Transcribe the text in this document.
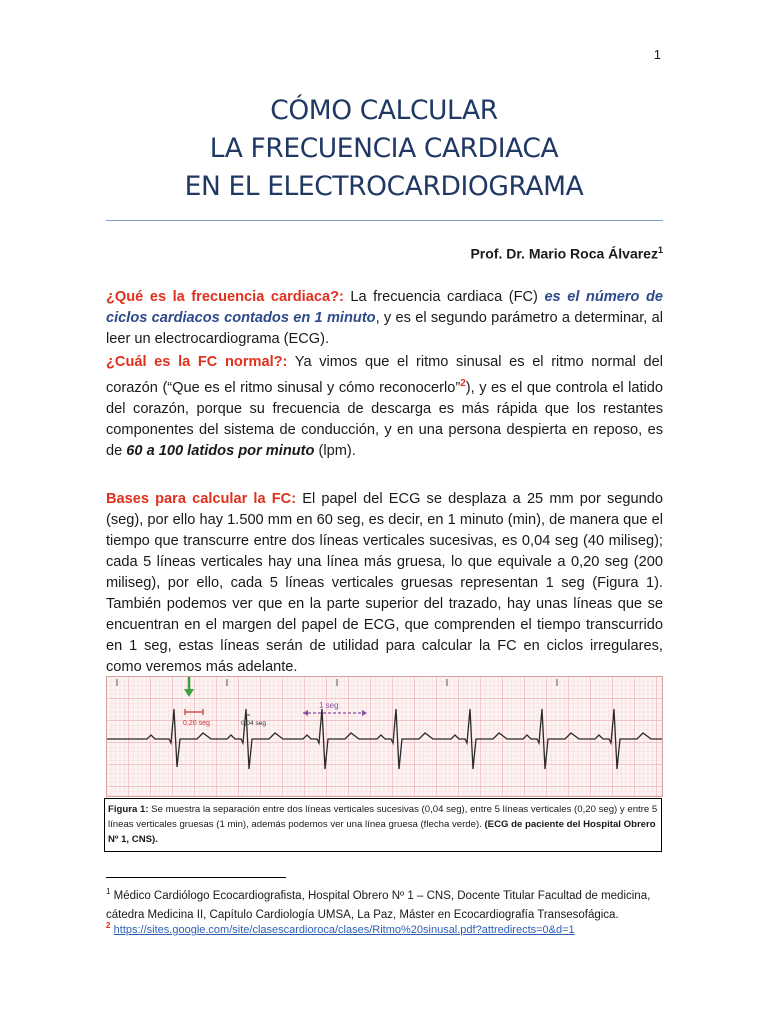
1
CÓMO CALCULAR
LA FRECUENCIA CARDIACA
EN EL ELECTROCARDIOGRAMA
Prof. Dr. Mario Roca Álvarez$^1$
¿Qué es la frecuencia cardiaca?: La frecuencia cardiaca (FC) es el número de ciclos cardiacos contados en 1 minuto, y es el segundo parámetro a determinar, al leer un electrocardiograma (ECG).
¿Cuál es la FC normal?: Ya vimos que el ritmo sinusal es el ritmo normal del corazón (“Que es el ritmo sinusal y cómo reconocerlo”$^2$), y es el que controla el latido del corazón, porque su frecuencia de descarga es más rápida que los restantes componentes del sistema de conducción, y en una persona despierta en reposo, es de 60 a 100 latidos por minuto (lpm).
Bases para calcular la FC: El papel del ECG se desplaza a 25 mm por segundo (seg), por ello hay 1.500 mm en 60 seg, es decir, en 1 minuto (min), de manera que el tiempo que transcurre entre dos líneas verticales sucesivas, es 0,04 seg (40 miliseg); cada 5 líneas verticales hay una línea más gruesa, lo que equivale a 0,20 seg (200 miliseg), por ello, cada 5 líneas verticales gruesas representan 1 seg (Figura 1). También podemos ver que en la parte superior del trazado, hay unas líneas que se encuentran en el margen del papel de ECG, que comprenden el tiempo transcurrido en 1 seg, estas líneas serán de utilidad para calcular la FC en ciclos irregulares, como veremos más adelante.
0,20 seg	0,04 seg
1 seg
Figura 1: Se muestra la separación entre dos líneas verticales sucesivas (0,04 seg), entre 5 líneas verticales (0,20 seg) y entre 5 líneas verticales gruesas (1 min), además podemos ver una línea gruesa (flecha verde). (ECG de paciente del Hospital Obrero Nº 1, CNS).
$^1$ Médico Cardiólogo Ecocardiografista, Hospital Obrero Nº 1 – CNS, Docente Titular Facultad de medicina, cátedra Medicina II, Capítulo Cardiología UMSA, La Paz, Máster en Ecocardiografía Transesofágica.
$^2$ https://sites.google.com/site/clasescardioroca/clases/Ritmo%20sinusal.pdf?attredirects=0&d=1
